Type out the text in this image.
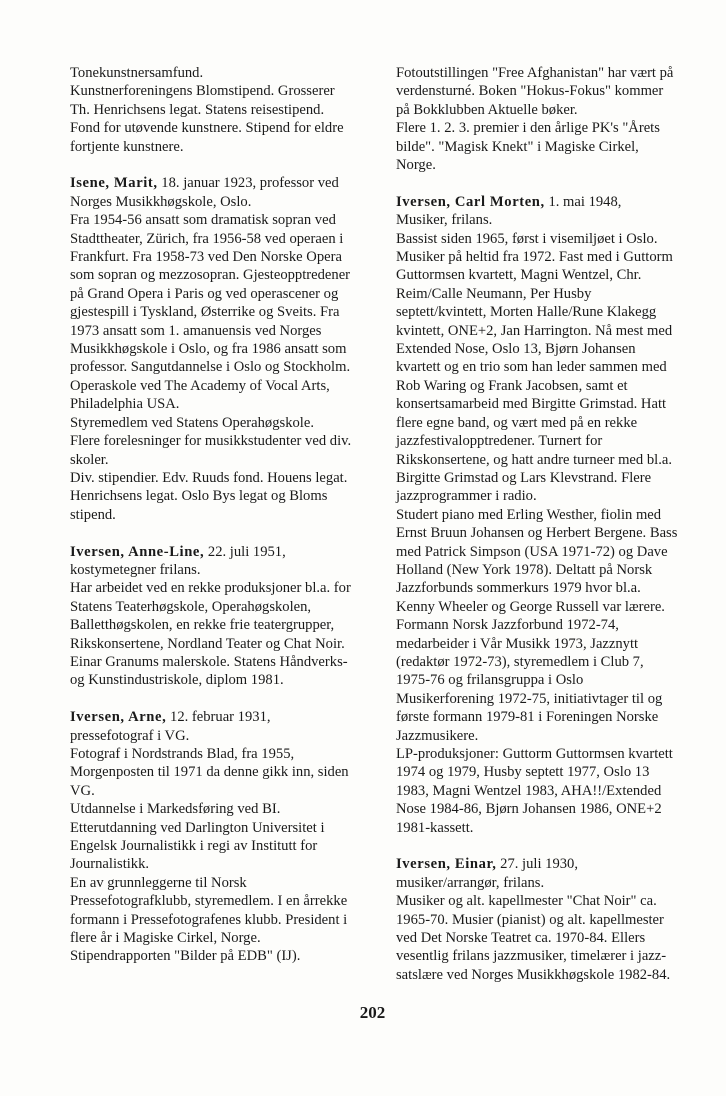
Tonekunstnersamfund.
Kunstnerforeningens Blomstipend. Grosserer
Th. Henrichsens legat. Statens reisestipend.
Fond for utøvende kunstnere. Stipend for eldre
fortjente kunstnere.
Isene, Marit, 18. januar 1923, professor ved
Norges Musikkhøgskole, Oslo.
Fra 1954-56 ansatt som dramatisk sopran ved
Stadttheater, Zürich, fra 1956-58 ved operaen i
Frankfurt. Fra 1958-73 ved Den Norske Opera
som sopran og mezzosopran. Gjesteopptredener
på Grand Opera i Paris og ved operascener og
gjestespill i Tyskland, Østerrike og Sveits. Fra
1973 ansatt som 1. amanuensis ved Norges
Musikkhøgskole i Oslo, og fra 1986 ansatt som
professor. Sangutdannelse i Oslo og Stockholm.
Operaskole ved The Academy of Vocal Arts,
Philadelphia USA.
Styremedlem ved Statens Operahøgskole.
Flere forelesninger for musikkstudenter ved div.
skoler.
Div. stipendier. Edv. Ruuds fond. Houens legat.
Henrichsens legat. Oslo Bys legat og Bloms
stipend.
Iversen, Anne-Line, 22. juli 1951,
kostymetegner frilans.
Har arbeidet ved en rekke produksjoner bl.a. for
Statens Teaterhøgskole, Operahøgskolen,
Balletthøgskolen, en rekke frie teatergrupper,
Rikskonsertene, Nordland Teater og Chat Noir.
Einar Granums malerskole. Statens Håndverks-
og Kunstindustriskole, diplom 1981.
Iversen, Arne, 12. februar 1931,
pressefotograf i VG.
Fotograf i Nordstrands Blad, fra 1955,
Morgenposten til 1971 da denne gikk inn, siden
VG.
Utdannelse i Markedsføring ved BI.
Etterutdanning ved Darlington Universitet i
Engelsk Journalistikk i regi av Institutt for
Journalistikk.
En av grunnleggerne til Norsk
Pressefotografklubb, styremedlem. I en årrekke
formann i Pressefotografenes klubb. President i
flere år i Magiske Cirkel, Norge.
Stipendrapporten "Bilder på EDB" (IJ).
Fotoutstillingen "Free Afghanistan" har vært på
verdensturné. Boken "Hokus-Fokus" kommer
på Bokklubben Aktuelle bøker.
Flere 1. 2. 3. premier i den årlige PK's "Årets
bilde". "Magisk Knekt" i Magiske Cirkel,
Norge.
Iversen, Carl Morten, 1. mai 1948,
Musiker, frilans.
Bassist siden 1965, først i visemiljøet i Oslo.
Musiker på heltid fra 1972. Fast med i Guttorm
Guttormsen kvartett, Magni Wentzel, Chr.
Reim/Calle Neumann, Per Husby
septett/kvintett, Morten Halle/Rune Klakegg
kvintett, ONE+2, Jan Harrington. Nå mest med
Extended Nose, Oslo 13, Bjørn Johansen
kvartett og en trio som han leder sammen med
Rob Waring og Frank Jacobsen, samt et
konsertsamarbeid med Birgitte Grimstad. Hatt
flere egne band, og vært med på en rekke
jazzfestivalopptredener. Turnert for
Rikskonsertene, og hatt andre turneer med bl.a.
Birgitte Grimstad og Lars Klevstrand. Flere
jazzprogrammer i radio.
Studert piano med Erling Westher, fiolin med
Ernst Bruun Johansen og Herbert Bergene. Bass
med Patrick Simpson (USA 1971-72) og Dave
Holland (New York 1978). Deltatt på Norsk
Jazzforbunds sommerkurs 1979 hvor bl.a.
Kenny Wheeler og George Russell var lærere.
Formann Norsk Jazzforbund 1972-74,
medarbeider i Vår Musikk 1973, Jazznytt
(redaktør 1972-73), styremedlem i Club 7,
1975-76 og frilansgruppa i Oslo
Musikerforening 1972-75, initiativtager til og
første formann 1979-81 i Foreningen Norske
Jazzmusikere.
LP-produksjoner: Guttorm Guttormsen kvartett
1974 og 1979, Husby septett 1977, Oslo 13
1983, Magni Wentzel 1983, AHA!!/Extended
Nose 1984-86, Bjørn Johansen 1986, ONE+2
1981-kassett.
Iversen, Einar, 27. juli 1930,
musiker/arrangør, frilans.
Musiker og alt. kapellmester "Chat Noir" ca.
1965-70. Musier (pianist) og alt. kapellmester
ved Det Norske Teatret ca. 1970-84. Ellers
vesentlig frilans jazzmusiker, timelærer i jazz-
satslære ved Norges Musikkhøgskole 1982-84.
202
